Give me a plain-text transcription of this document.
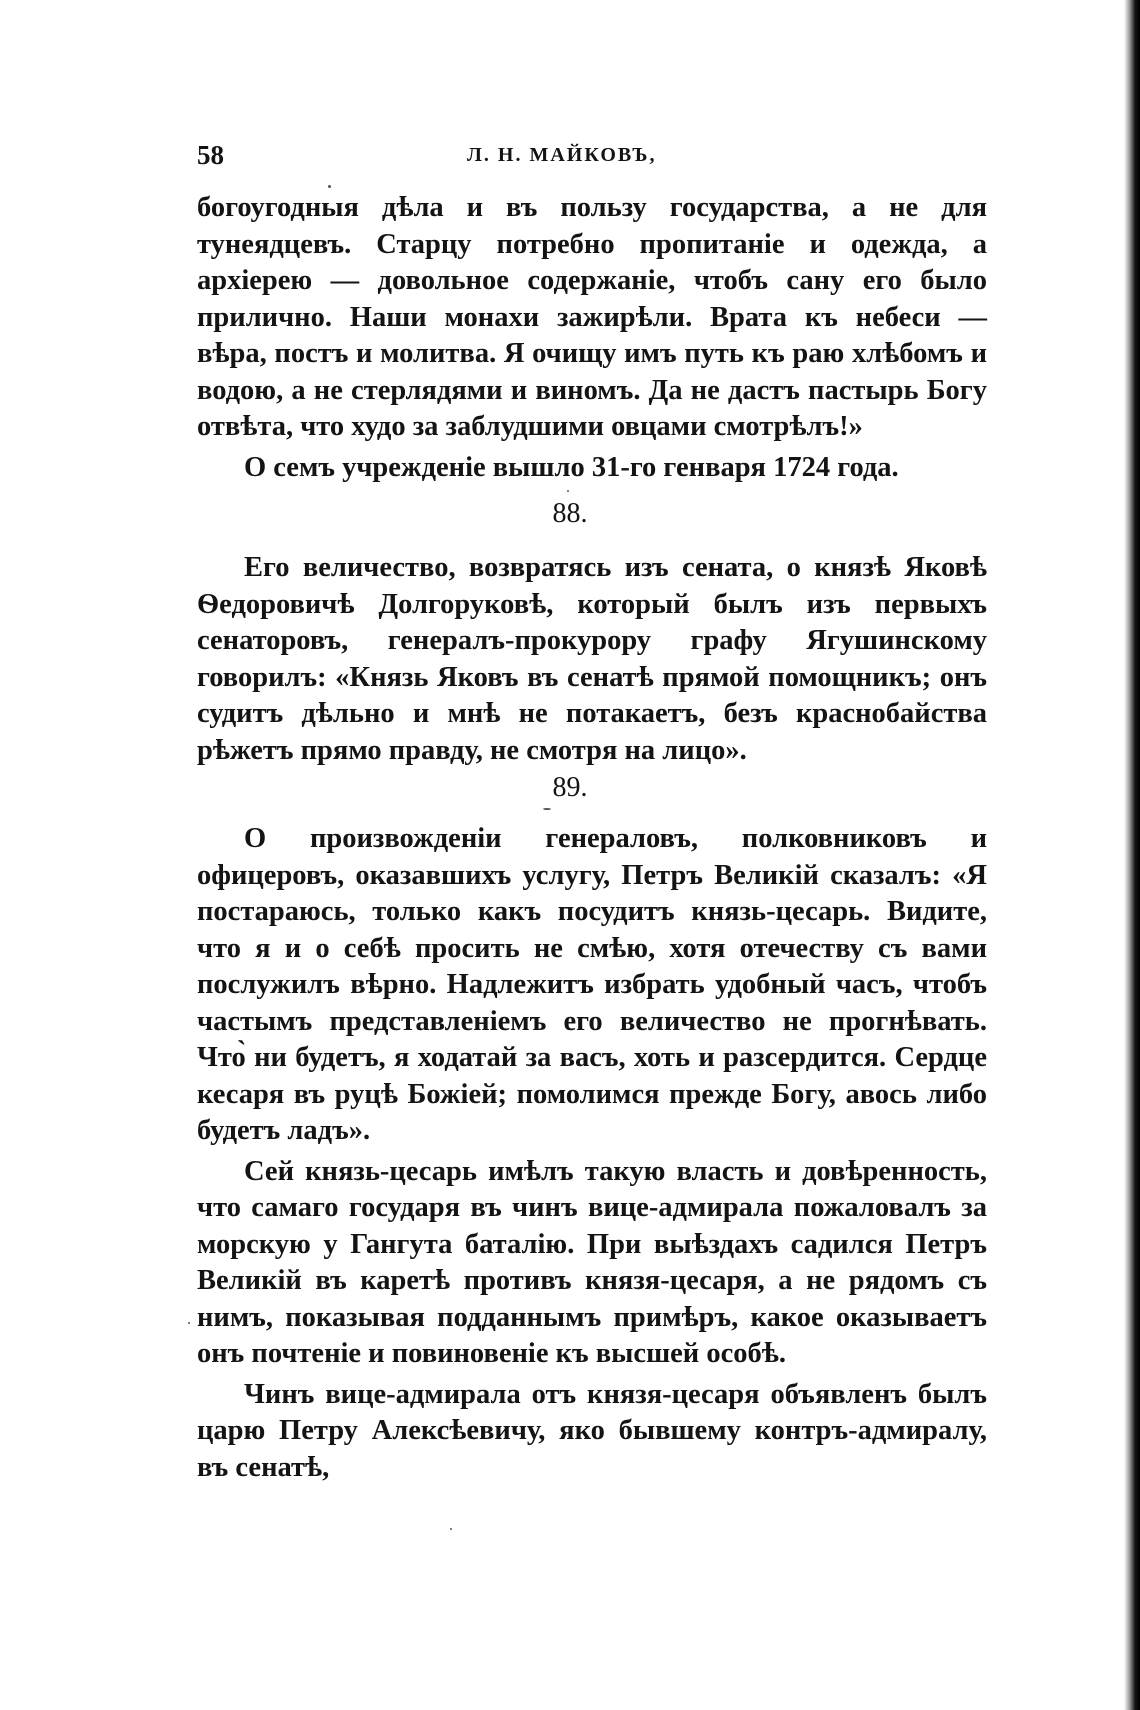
58	Л. Н. МАЙКОВЪ,

богоугодныя дѣла и въ пользу государства, а не для тунеядцевъ. Старцу потребно пропитаніе и одежда, а архіерею — довольное содержаніе, чтобъ сану его было прилично. Наши монахи зажирѣли. Врата къ небеси — вѣра, постъ и молитва. Я очищу имъ путь къ раю хлѣбомъ и водою, а не стерлядями и виномъ. Да не дастъ пастырь Богу отвѣта, что худо за заблудшими овцами смотрѣлъ!»

О семъ учрежденіе вышло 31-го генваря 1724 года.

88.

Его величество, возвратясь изъ сената, о князѣ Яковѣ Ѳедоровичѣ Долгоруковѣ, который былъ изъ первыхъ сенаторовъ, генералъ-прокурору графу Ягушинскому говорилъ: «Князь Яковъ въ сенатѣ прямой помощникъ; онъ судитъ дѣльно и мнѣ не потакаетъ, безъ краснобайства рѣжетъ прямо правду, не смотря на лицо».

89.

О произвожденіи генераловъ, полковниковъ и офицеровъ, оказавшихъ услугу, Петръ Великій сказалъ: «Я постараюсь, только какъ посудитъ князь-цесарь. Видите, что я и о себѣ просить не смѣю, хотя отечеству съ вами послужилъ вѣрно. Надлежитъ избрать удобный часъ, чтобъ частымъ представленіемъ его величество не прогнѣвать. Что̀ ни будетъ, я ходатай за васъ, хоть и разсердится. Сердце кесаря въ руцѣ Божіей; помолимся прежде Богу, авось либо будетъ ладъ».

Сей князь-цесарь имѣлъ такую власть и довѣренность, что самаго государя въ чинъ вице-адмирала пожаловалъ за морскую у Гангута баталію. При выѣздахъ садился Петръ Великій въ каретѣ противъ князя-цесаря, а не рядомъ съ нимъ, показывая подданнымъ примѣръ, какое оказываетъ онъ почтеніе и повиновеніе къ высшей особѣ.

Чинъ вице-адмирала отъ князя-цесаря объявленъ былъ царю Петру Алексѣевичу, яко бывшему контръ-адмиралу, въ сенатѣ,
